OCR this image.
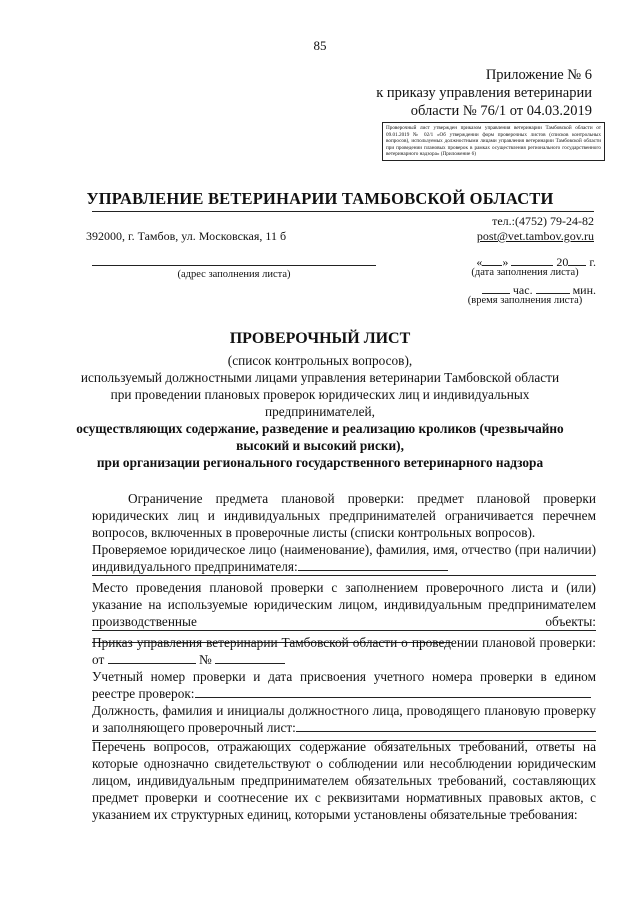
85
Приложение № 6
к приказу управления ветеринарии
области № 76/1 от 04.03.2019
Проверочный лист утвержден приказом управления ветеринарии Тамбовской области от 09.01.2019 № 02/1 «Об утверждении форм проверочных листов (списков контрольных вопросов), используемых должностными лицами управления ветеринарии Тамбовской области при проведении плановых проверок в рамках осуществления регионального государственного ветеринарного надзора» (Приложение 6)
УПРАВЛЕНИЕ ВЕТЕРИНАРИИ ТАМБОВСКОЙ ОБЛАСТИ
тел.:(4752) 79-24-82
post@vet.tambov.gov.ru
392000, г. Тамбов, ул. Московская, 11 б
(адрес заполнения листа)
« »	20 г.
(дата заполнения листа)
час.	мин.
(время заполнения листа)
ПРОВЕРОЧНЫЙ ЛИСТ
(список контрольных вопросов),
используемый должностными лицами управления ветеринарии Тамбовской области
при проведении плановых проверок юридических лиц и индивидуальных
предпринимателей,
осуществляющих содержание, разведение и реализацию кроликов (чрезвычайно
высокий и высокий риски),
при организации регионального государственного ветеринарного надзора
Ограничение предмета плановой проверки: предмет плановой проверки юридических лиц и индивидуальных предпринимателей ограничивается перечнем вопросов, включенных в проверочные листы (списки контрольных вопросов).
Проверяемое юридическое лицо (наименование), фамилия, имя, отчество (при наличии) индивидуального предпринимателя:
Место проведения плановой проверки с заполнением проверочного листа и (или) указание на используемые юридическим лицом, индивидуальным предпринимателем производственные объекты:
Приказ управления ветеринарии Тамбовской области о проведении плановой проверки: от	№
Учетный номер проверки и дата присвоения учетного номера проверки в едином реестре проверок:
Должность, фамилия и инициалы должностного лица, проводящего плановую проверку и заполняющего проверочный лист:
Перечень вопросов, отражающих содержание обязательных требований, ответы на которые однозначно свидетельствуют о соблюдении или несоблюдении юридическим лицом, индивидуальным предпринимателем обязательных требований, составляющих предмет проверки и соотнесение их с реквизитами нормативных правовых актов, с указанием их структурных единиц, которыми установлены обязательные требования:
